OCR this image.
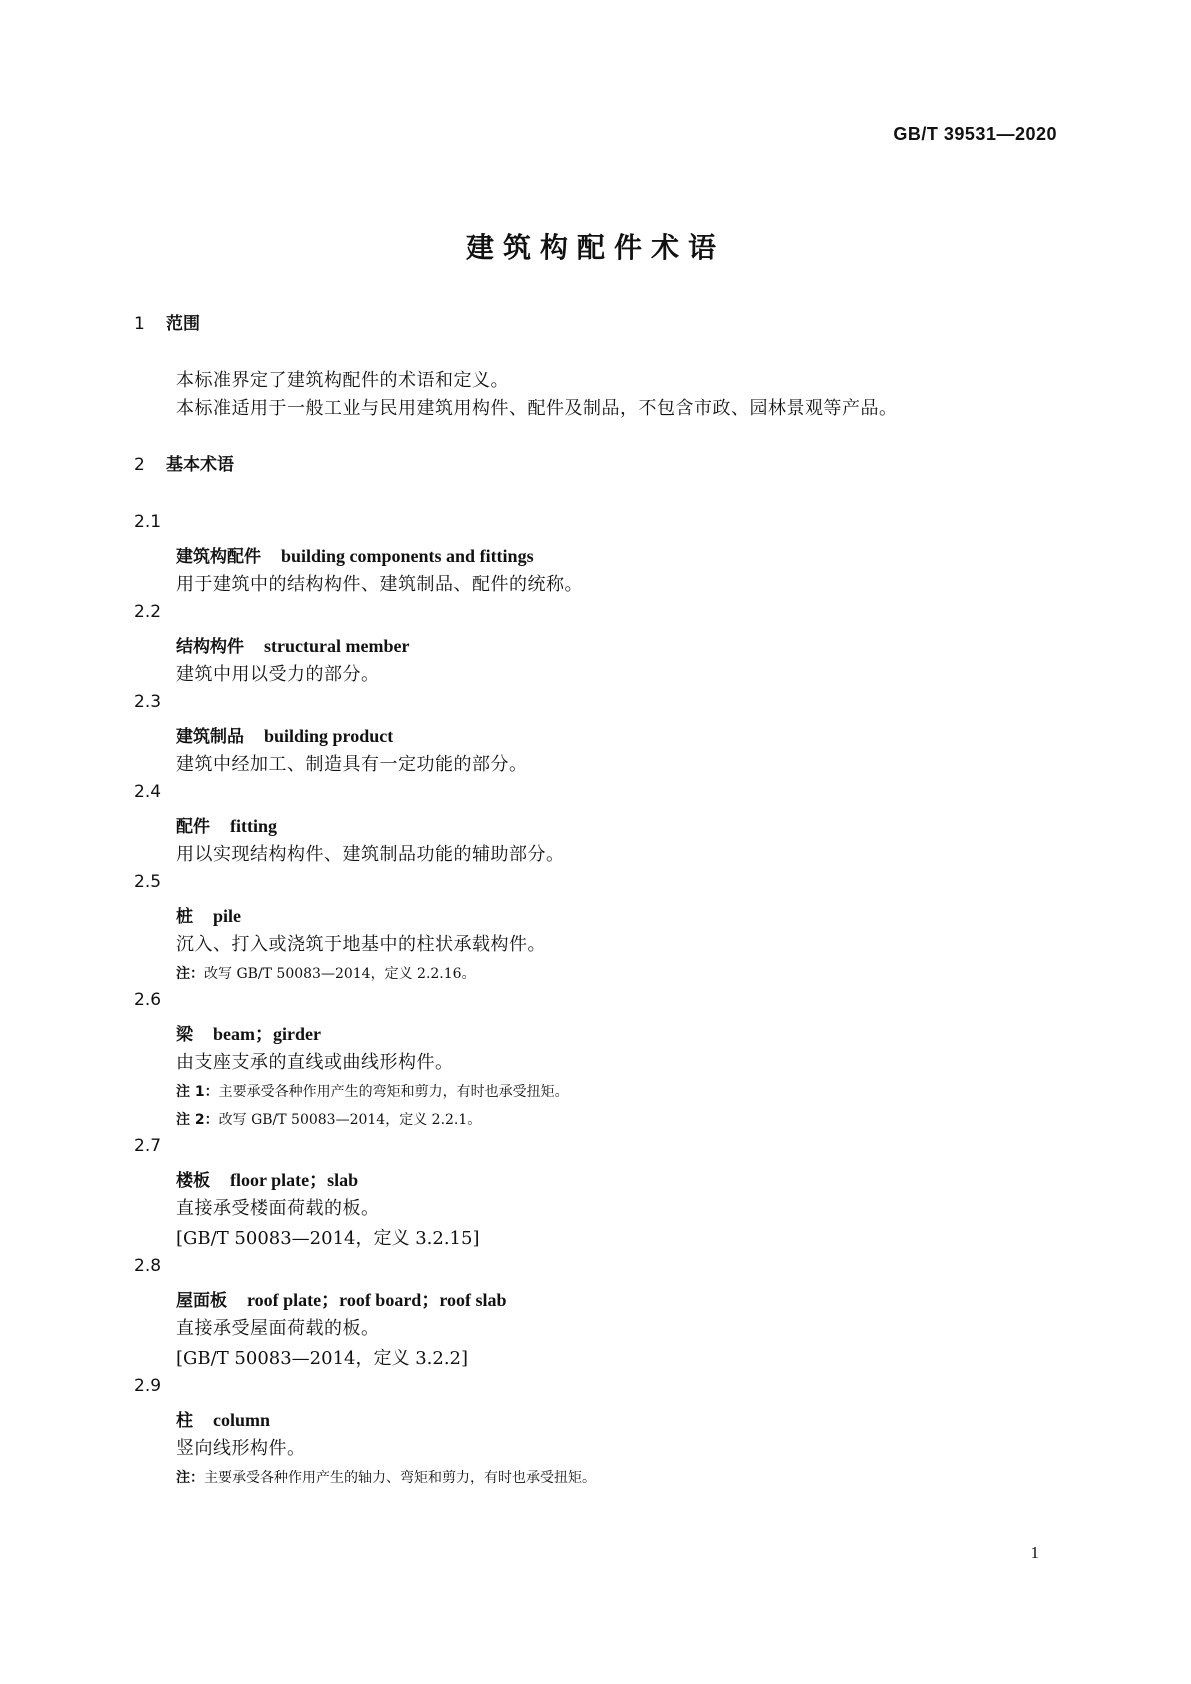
GB/T 39531—2020
建筑构配件术语
1 范围
本标准界定了建筑构配件的术语和定义。
本标准适用于一般工业与民用建筑用构件、配件及制品，不包含市政、园林景观等产品。
2 基本术语
2.1
建筑构配件 building components and fittings
用于建筑中的结构构件、建筑制品、配件的统称。
2.2
结构构件 structural member
建筑中用以受力的部分。
2.3
建筑制品 building product
建筑中经加工、制造具有一定功能的部分。
2.4
配件 fitting
用以实现结构构件、建筑制品功能的辅助部分。
2.5
桩 pile
沉入、打入或浇筑于地基中的柱状承载构件。
注：改写 GB/T 50083—2014，定义 2.2.16。
2.6
梁 beam；girder
由支座支承的直线或曲线形构件。
注 1：主要承受各种作用产生的弯矩和剪力，有时也承受扭矩。
注 2：改写 GB/T 50083—2014，定义 2.2.1。
2.7
楼板 floor plate；slab
直接承受楼面荷载的板。
[GB/T 50083—2014，定义 3.2.15]
2.8
屋面板 roof plate；roof board；roof slab
直接承受屋面荷载的板。
[GB/T 50083—2014，定义 3.2.2]
2.9
柱 column
竖向线形构件。
注：主要承受各种作用产生的轴力、弯矩和剪力，有时也承受扭矩。
1
